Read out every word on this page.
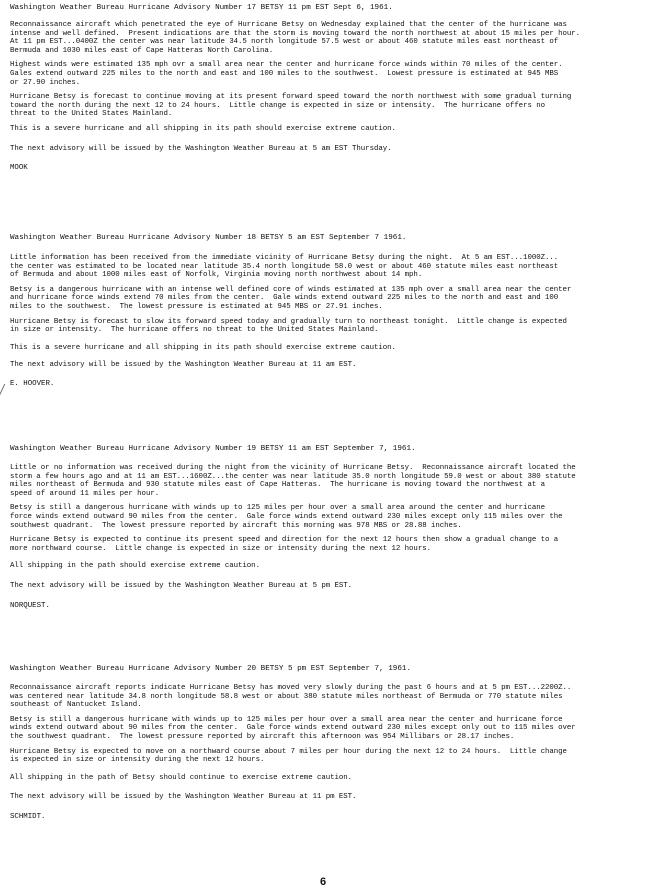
Washington Weather Bureau Hurricane Advisory Number 17 BETSY 11 pm EST Sept 6, 1961.
Reconnaissance aircraft which penetrated the eye of Hurricane Betsy on Wednesday explained that the center of the hurricane was
intense and well defined.  Present indications are that the storm is moving toward the north northwest at about 15 miles per hour.
At 11 pm EST...0400Z the center was near latitude 34.5 north longitude 57.5 west or about 460 statute miles east northeast of
Bermuda and 1030 miles east of Cape Hatteras North Carolina.
Highest winds were estimated 135 mph ovr a small area near the center and hurricane force winds within 70 miles of the center.
Gales extend outward 225 miles to the north and east and 100 miles to the southwest.  Lowest pressure is estimated at 945 MBS
or 27.90 inches.
Hurricane Betsy is forecast to continue moving at its present forward speed toward the north northwest with some gradual turning
toward the north during the next 12 to 24 hours.  Little change is expected in size or intensity.  The hurricane offers no
threat to the United States Mainland.
This is a severe hurricane and all shipping in its path should exercise extreme caution.
The next advisory will be issued by the Washington Weather Bureau at 5 am EST Thursday.
MOOK
Washington Weather Bureau Hurricane Advisory Number 18 BETSY 5 am EST September 7 1961.
Little information has been received from the immediate vicinity of Hurricane Betsy during the night.  At 5 am EST...1000Z...
the center was estimated to be located near latitude 35.4 north longitude 58.0 west or about 460 statute miles east northeast
of Bermuda and about 1000 miles east of Norfolk, Virginia moving north northwest about 14 mph.
Betsy is a dangerous hurricane with an intense well defined core of winds estimated at 135 mph over a small area near the center
and hurricane force winds extend 70 miles from the center.  Gale winds extend outward 225 miles to the north and east and 100
miles to the southwest.  The lowest pressure is estimated at 945 MBS or 27.91 inches.
Hurricane Betsy is forecast to slow its forward speed today and gradually turn to northeast tonight.  Little change is expected
in size or intensity.  The hurricane offers no threat to the United States Mainland.
This is a severe hurricane and all shipping in its path should exercise extreme caution.
The next advisory will be issued by the Washington Weather Bureau at 11 am EST.
E. HOOVER.
Washington Weather Bureau Hurricane Advisory Number 19 BETSY 11 am EST September 7, 1961.
Little or no information was received during the night from the vicinity of Hurricane Betsy.  Reconnaissance aircraft located the
storm a few hours ago and at 11 am EST...1600Z...the center was near latitude 35.0 north longitude 59.0 west or about 380 statute
miles northeast of Bermuda and 930 statute miles east of Cape Hatteras.  The hurricane is moving toward the northwest at a
speed of around 11 miles per hour.
Betsy is still a dangerous hurricane with winds up to 125 miles per hour over a small area around the center and hurricane
force winds extend outward 90 miles from the center.  Gale force winds extend outward 230 miles except only 115 miles over the
southwest quadrant.  The lowest pressure reported by aircraft this morning was 978 MBS or 28.88 inches.
Hurricane Betsy is expected to continue its present speed and direction for the next 12 hours then show a gradual change to a
more northward course.  Little change is expected in size or intensity during the next 12 hours.
All shipping in the path should exercise extreme caution.
The next advisory will be issued by the Washington Weather Bureau at 5 pm EST.
NORQUEST.
Washington Weather Bureau Hurricane Advisory Number 20 BETSY 5 pm EST September 7, 1961.
Reconnaissance aircraft reports indicate Hurricane Betsy has moved very slowly during the past 6 hours and at 5 pm EST...2200Z..
was centered near latitude 34.8 north longitude 58.8 west or about 380 statute miles northeast of Bermuda or 770 statute miles
southeast of Nantucket Island.
Betsy is still a dangerous hurricane with winds up to 125 miles per hour over a small area near the center and hurricane force
winds extend outward about 90 miles from the center.  Gale force winds extend outward 230 miles except only out to 115 miles over
the southwest quadrant.  The lowest pressure reported by aircraft this afternoon was 954 Millibars or 28.17 inches.
Hurricane Betsy is expected to move on a northward course about 7 miles per hour during the next 12 to 24 hours.  Little change
is expected in size or intensity during the next 12 hours.
All shipping in the path of Betsy should continue to exercise extreme caution.
The next advisory will be issued by the Washington Weather Bureau at 11 pm EST.
SCHMIDT.
6
